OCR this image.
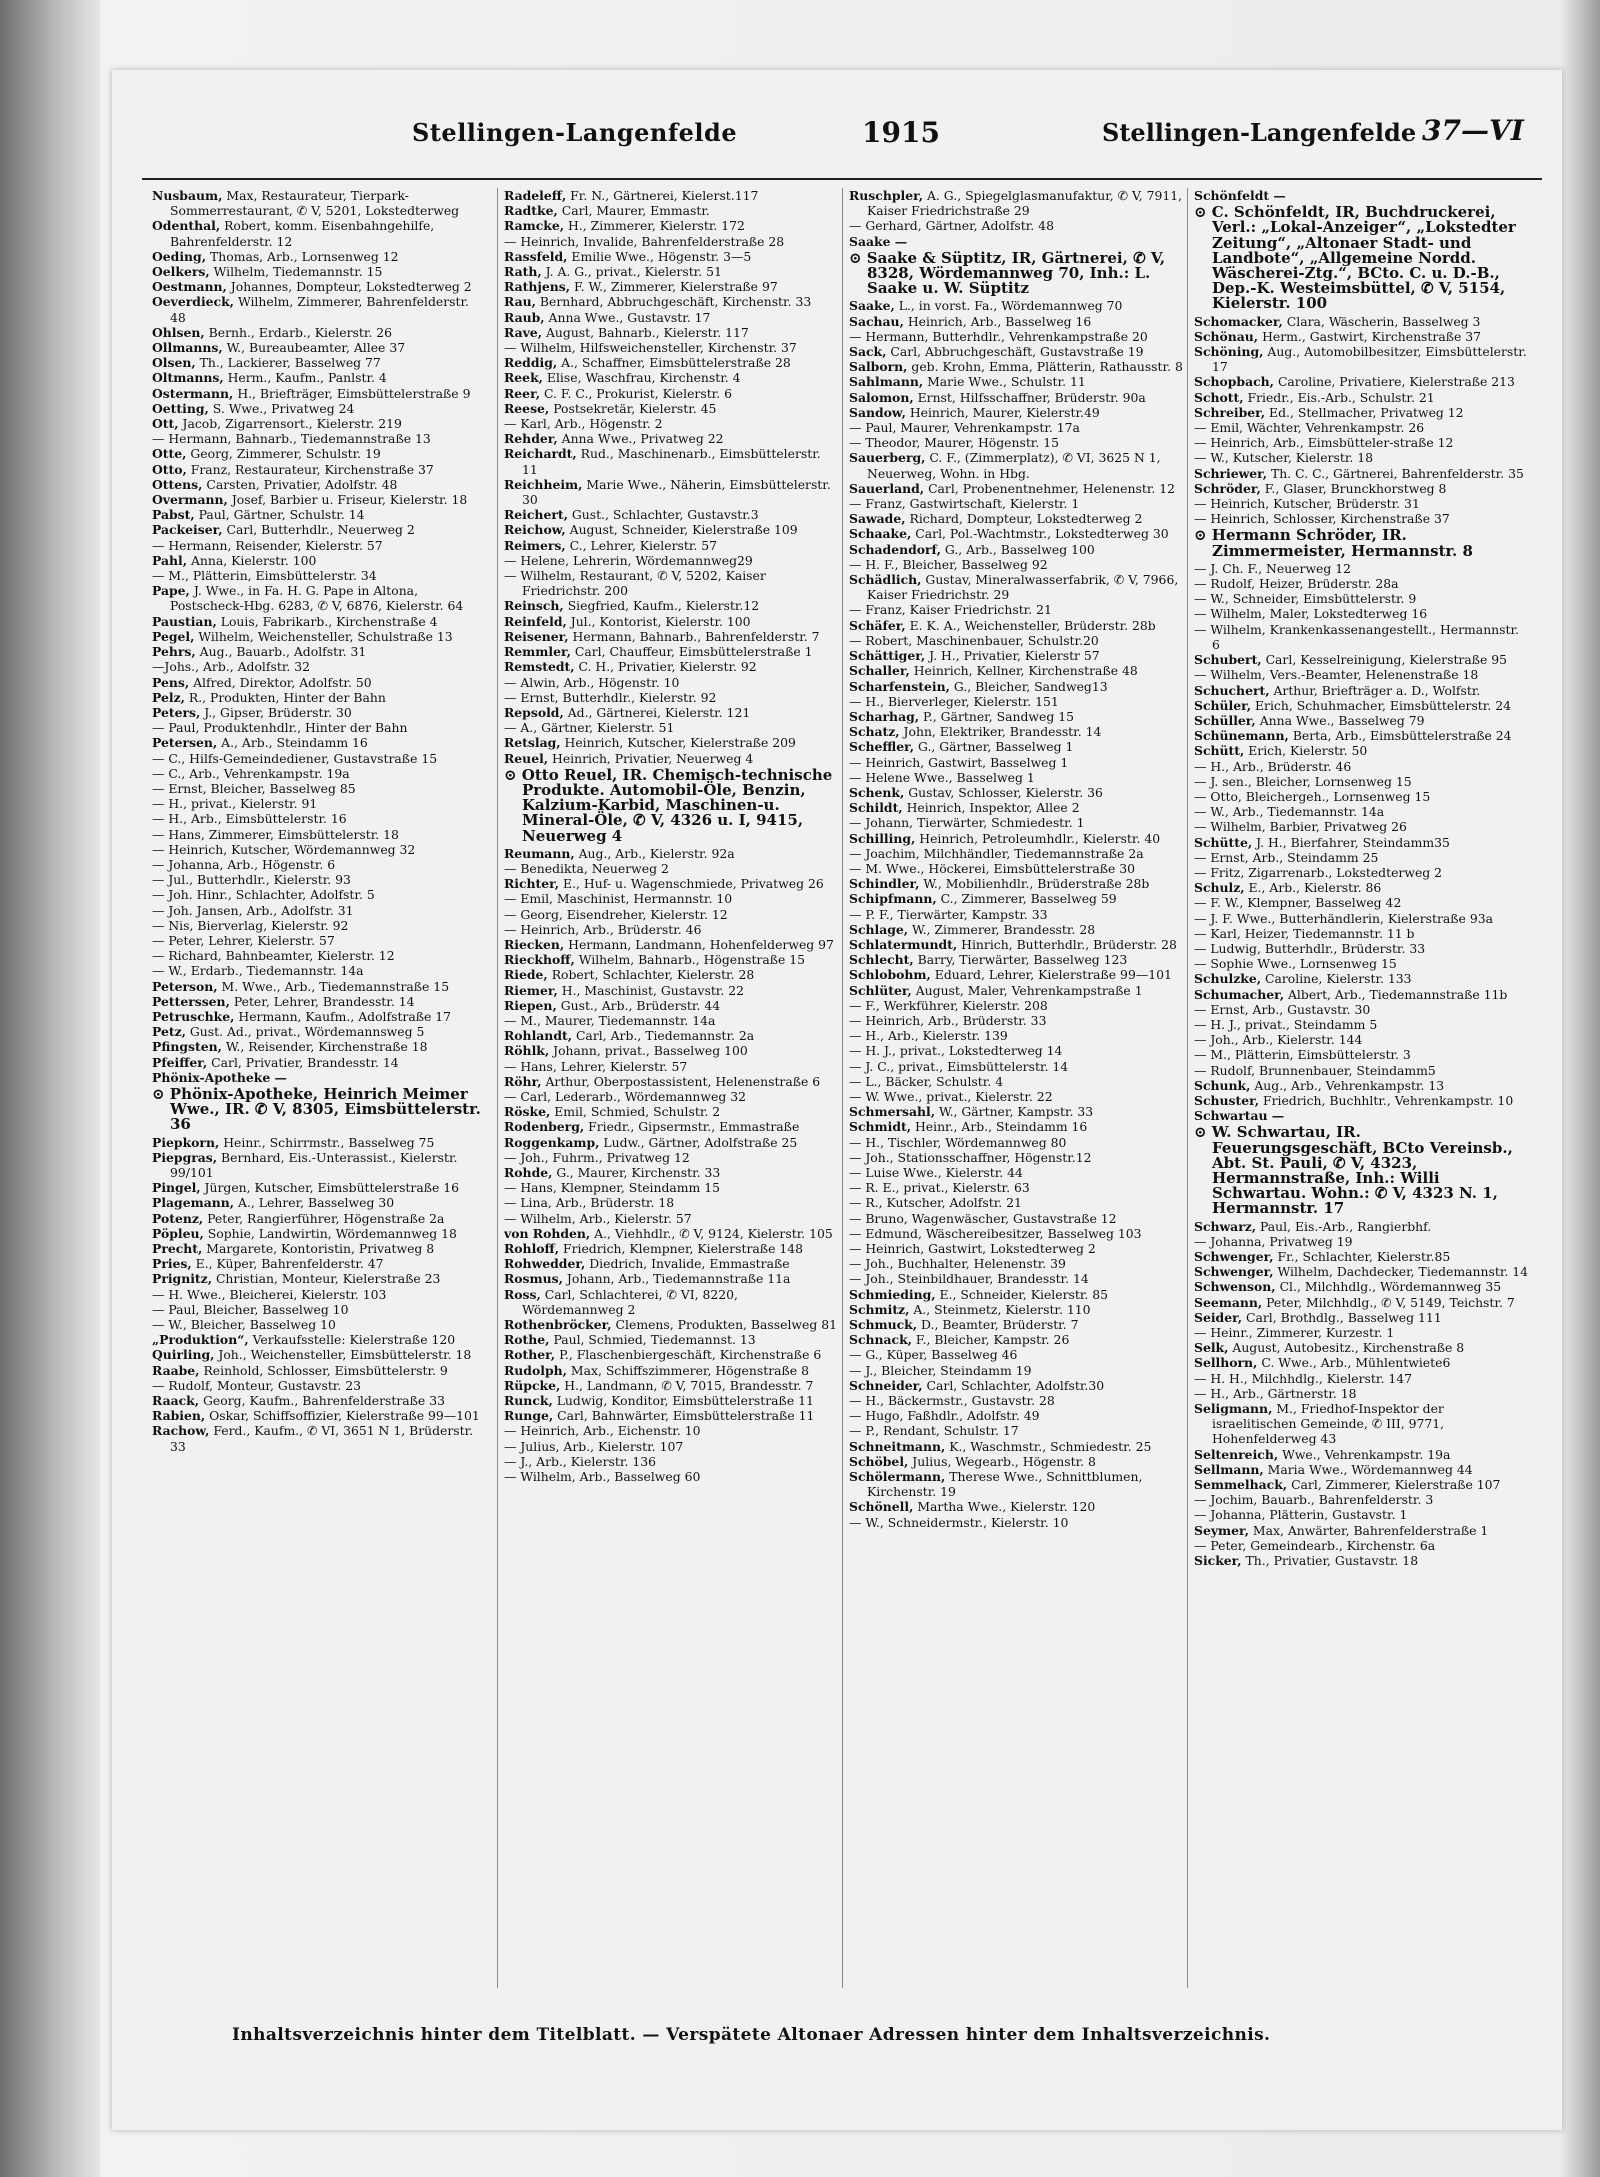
Stellingen-Langenfelde	1915	Stellingen-Langenfelde 37—VI

Nusbaum, Max, Restaurateur, Tierpark-Sommerrestaurant, ✆ V, 5201, Lokstedterweg

Odenthal, Robert, komm. Eisenbahngehilfe, Bahrenfelderstr. 12

Oeding, Thomas, Arb., Lornsenweg 12

Oelkers, Wilhelm, Tiedemannstr. 15

Oestmann, Johannes, Dompteur, Lokstedterweg 2

Oeverdieck, Wilhelm, Zimmerer, Bahrenfelderstr. 48

Ohlsen, Bernh., Erdarb., Kielerstr. 26

Ollmanns, W., Bureaubeamter, Allee 37

Olsen, Th., Lackierer, Basselweg 77

Oltmanns, Herm., Kaufm., Panlstr. 4

Ostermann, H., Briefträger, Eimsbüttelerstraße 9

Oetting, S. Wwe., Privatweg 24

Ott, Jacob, Zigarrensort., Kielerstr. 219

— Hermann, Bahnarb., Tiedemannstraße 13

Otte, Georg, Zimmerer, Schulstr. 19

Otto, Franz, Restaurateur, Kirchenstraße 37

Ottens, Carsten, Privatier, Adolfstr. 48

Overmann, Josef, Barbier u. Friseur, Kielerstr. 18

Pabst, Paul, Gärtner, Schulstr. 14

Packeiser, Carl, Butterhdlr., Neuerweg 2

— Hermann, Reisender, Kielerstr. 57

Pahl, Anna, Kielerstr. 100

— M., Plätterin, Eimsbüttelerstr. 34

Pape, J. Wwe., in Fa. H. G. Pape in Altona, Postscheck-Hbg. 6283, ✆ V, 6876, Kielerstr. 64

Paustian, Louis, Fabrikarb., Kirchenstraße 4

Pegel, Wilhelm, Weichensteller, Schulstraße 13

Pehrs, Aug., Bauarb., Adolfstr. 31

—Johs., Arb., Adolfstr. 32

Pens, Alfred, Direktor, Adolfstr. 50

Pelz, R., Produkten, Hinter der Bahn

Peters, J., Gipser, Brüderstr. 30

— Paul, Produktenhdlr., Hinter der Bahn

Petersen, A., Arb., Steindamm 16

— C., Hilfs-Gemeindediener, Gustavstraße 15

— C., Arb., Vehrenkampstr. 19a

— Ernst, Bleicher, Basselweg 85

— H., privat., Kielerstr. 91

— H., Arb., Eimsbüttelerstr. 16

— Hans, Zimmerer, Eimsbüttelerstr. 18

— Heinrich, Kutscher, Wördemannweg 32

— Johanna, Arb., Högenstr. 6

— Jul., Butterhdlr., Kielerstr. 93

— Joh. Hinr., Schlachter, Adolfstr. 5

— Joh. Jansen, Arb., Adolfstr. 31

— Nis, Bierverlag, Kielerstr. 92

— Peter, Lehrer, Kielerstr. 57

— Richard, Bahnbeamter, Kielerstr. 12

— W., Erdarb., Tiedemannstr. 14a

Peterson, M. Wwe., Arb., Tiedemannstraße 15

Petterssen, Peter, Lehrer, Brandesstr. 14

Petruschke, Hermann, Kaufm., Adolfstraße 17

Petz, Gust. Ad., privat., Wördemannsweg 5

Pfingsten, W., Reisender, Kirchenstraße 18

Pfeiffer, Carl, Privatier, Brandesstr. 14

Phönix-Apotheke —

⊙ Phönix-Apotheke, Heinrich Meimer Wwe., IR. ✆ V, 8305, Eimsbüttelerstr. 36

Piepkorn, Heinr., Schirrmstr., Basselweg 75

Piepgras, Bernhard, Eis.-Unterassist., Kielerstr. 99/101

Pingel, Jürgen, Kutscher, Eimsbüttelerstraße 16

Plagemann, A., Lehrer, Basselweg 30

Potenz, Peter, Rangierführer, Högenstraße 2a

Pöpleu, Sophie, Landwirtin, Wördemannweg 18

Precht, Margarete, Kontoristin, Privatweg 8

Pries, E., Küper, Bahrenfelderstr. 47

Prignitz, Christian, Monteur, Kielerstraße 23

— H. Wwe., Bleicherei, Kielerstr. 103

— Paul, Bleicher, Basselweg 10

— W., Bleicher, Basselweg 10

„Produktion“, Verkaufsstelle: Kielerstraße 120

Quirling, Joh., Weichensteller, Eimsbüttelerstr. 18

Raabe, Reinhold, Schlosser, Eimsbüttelerstr. 9

— Rudolf, Monteur, Gustavstr. 23

Raack, Georg, Kaufm., Bahrenfelderstraße 33

Rabien, Oskar, Schiffsoffizier, Kielerstraße 99—101

Rachow, Ferd., Kaufm., ✆ VI, 3651 N 1, Brüderstr. 33

Radeleff, Fr. N., Gärtnerei, Kielerst.117

Radtke, Carl, Maurer, Emmastr.

Ramcke, H., Zimmerer, Kielerstr. 172

— Heinrich, Invalide, Bahrenfelderstraße 28

Rassfeld, Emilie Wwe., Högenstr. 3—5

Rath, J. A. G., privat., Kielerstr. 51

Rathjens, F. W., Zimmerer, Kielerstraße 97

Rau, Bernhard, Abbruchgeschäft, Kirchenstr. 33

Raub, Anna Wwe., Gustavstr. 17

Rave, August, Bahnarb., Kielerstr. 117

— Wilhelm, Hilfsweichensteller, Kirchenstr. 37

Reddig, A., Schaffner, Eimsbüttelerstraße 28

Reek, Elise, Waschfrau, Kirchenstr. 4

Reer, C. F. C., Prokurist, Kielerstr. 6

Reese, Postsekretär, Kielerstr. 45

— Karl, Arb., Högenstr. 2

Rehder, Anna Wwe., Privatweg 22

Reichardt, Rud., Maschinenarb., Eimsbüttelerstr. 11

Reichheim, Marie Wwe., Näherin, Eimsbüttelerstr. 30

Reichert, Gust., Schlachter, Gustavstr.3

Reichow, August, Schneider, Kielerstraße 109

Reimers, C., Lehrer, Kielerstr. 57

— Helene, Lehrerin, Wördemannweg29

— Wilhelm, Restaurant, ✆ V, 5202, Kaiser Friedrichstr. 200

Reinsch, Siegfried, Kaufm., Kielerstr.12

Reinfeld, Jul., Kontorist, Kielerstr. 100

Reisener, Hermann, Bahnarb., Bahrenfelderstr. 7

Remmler, Carl, Chauffeur, Eimsbüttelerstraße 1

Remstedt, C. H., Privatier, Kielerstr. 92

— Alwin, Arb., Högenstr. 10

— Ernst, Butterhdlr., Kielerstr. 92

Repsold, Ad., Gärtnerei, Kielerstr. 121

— A., Gärtner, Kielerstr. 51

Retslag, Heinrich, Kutscher, Kielerstraße 209

Reuel, Heinrich, Privatier, Neuerweg 4

⊙ Otto Reuel, IR. Chemisch-technische Produkte. Automobil-Öle, Benzin, Kalzium-Karbid, Maschinen-u. Mineral-Öle, ✆ V, 4326 u. I, 9415, Neuerweg 4

Reumann, Aug., Arb., Kielerstr. 92a

— Benedikta, Neuerweg 2

Richter, E., Huf- u. Wagenschmiede, Privatweg 26

— Emil, Maschinist, Hermannstr. 10

— Georg, Eisendreher, Kielerstr. 12

— Heinrich, Arb., Brüderstr. 46

Riecken, Hermann, Landmann, Hohenfelderweg 97

Rieckhoff, Wilhelm, Bahnarb., Högenstraße 15

Riede, Robert, Schlachter, Kielerstr. 28

Riemer, H., Maschinist, Gustavstr. 22

Riepen, Gust., Arb., Brüderstr. 44

— M., Maurer, Tiedemannstr. 14a

Rohlandt, Carl, Arb., Tiedemannstr. 2a

Röhlk, Johann, privat., Basselweg 100

— Hans, Lehrer, Kielerstr. 57

Röhr, Arthur, Oberpostassistent, Helenenstraße 6

— Carl, Lederarb., Wördemannweg 32

Röske, Emil, Schmied, Schulstr. 2

Rodenberg, Friedr., Gipsermstr., Emmastraße

Roggenkamp, Ludw., Gärtner, Adolfstraße 25

— Joh., Fuhrm., Privatweg 12

Rohde, G., Maurer, Kirchenstr. 33

— Hans, Klempner, Steindamm 15

— Lina, Arb., Brüderstr. 18

— Wilhelm, Arb., Kielerstr. 57

von Rohden, A., Viehhdlr., ✆ V, 9124, Kielerstr. 105

Rohloff, Friedrich, Klempner, Kielerstraße 148

Rohwedder, Diedrich, Invalide, Emmastraße

Rosmus, Johann, Arb., Tiedemannstraße 11a

Ross, Carl, Schlachterei, ✆ VI, 8220, Wördemannweg 2

Rothenbröcker, Clemens, Produkten, Basselweg 81

Rothe, Paul, Schmied, Tiedemannst. 13

Rother, P., Flaschenbiergeschäft, Kirchenstraße 6

Rudolph, Max, Schiffszimmerer, Högenstraße 8

Rüpcke, H., Landmann, ✆ V, 7015, Brandesstr. 7

Runck, Ludwig, Konditor, Eimsbüttelerstraße 11

Runge, Carl, Bahnwärter, Eimsbüttelerstraße 11

— Heinrich, Arb., Eichenstr. 10

— Julius, Arb., Kielerstr. 107

— J., Arb., Kielerstr. 136

— Wilhelm, Arb., Basselweg 60

Ruschpler, A. G., Spiegelglasmanufaktur, ✆ V, 7911, Kaiser Friedrichstraße 29

— Gerhard, Gärtner, Adolfstr. 48

Saake —

⊙ Saake & Süptitz, IR, Gärtnerei, ✆ V, 8328, Wördemannweg 70, Inh.: L. Saake u. W. Süptitz

Saake, L., in vorst. Fa., Wördemannweg 70

Sachau, Heinrich, Arb., Basselweg 16

— Hermann, Butterhdlr., Vehrenkampstraße 20

Sack, Carl, Abbruchgeschäft, Gustavstraße 19

Salborn, geb. Krohn, Emma, Plätterin, Rathausstr. 8

Sahlmann, Marie Wwe., Schulstr. 11

Salomon, Ernst, Hilfsschaffner, Brüderstr. 90a

Sandow, Heinrich, Maurer, Kielerstr.49

— Paul, Maurer, Vehrenkampstr. 17a

— Theodor, Maurer, Högenstr. 15

Sauerberg, C. F., (Zimmerplatz), ✆ VI, 3625 N 1, Neuerweg, Wohn. in Hbg.

Sauerland, Carl, Probenentnehmer, Helenenstr. 12

— Franz, Gastwirtschaft, Kielerstr. 1

Sawade, Richard, Dompteur, Lokstedterweg 2

Schaake, Carl, Pol.-Wachtmstr., Lokstedterweg 30

Schadendorf, G., Arb., Basselweg 100

— H. F., Bleicher, Basselweg 92

Schädlich, Gustav, Mineralwasserfabrik, ✆ V, 7966, Kaiser Friedrichstr. 29

— Franz, Kaiser Friedrichstr. 21

Schäfer, E. K. A., Weichensteller, Brüderstr. 28b

— Robert, Maschinenbauer, Schulstr.20

Schättiger, J. H., Privatier, Kielerstr 57

Schaller, Heinrich, Kellner, Kirchenstraße 48

Scharfenstein, G., Bleicher, Sandweg13

— H., Bierverleger, Kielerstr. 151

Scharhag, P., Gärtner, Sandweg 15

Schatz, John, Elektriker, Brandesstr. 14

Scheffler, G., Gärtner, Basselweg 1

— Heinrich, Gastwirt, Basselweg 1

— Helene Wwe., Basselweg 1

Schenk, Gustav, Schlosser, Kielerstr. 36

Schildt, Heinrich, Inspektor, Allee 2

— Johann, Tierwärter, Schmiedestr. 1

Schilling, Heinrich, Petroleumhdlr., Kielerstr. 40

— Joachim, Milchhändler, Tiedemannstraße 2a

— M. Wwe., Höckerei, Eimsbüttelerstraße 30

Schindler, W., Mobilienhdlr., Brüderstraße 28b

Schipfmann, C., Zimmerer, Basselweg 59

— P. F., Tierwärter, Kampstr. 33

Schlage, W., Zimmerer, Brandesstr. 28

Schlatermundt, Hinrich, Butterhdlr., Brüderstr. 28

Schlecht, Barry, Tierwärter, Basselweg 123

Schlobohm, Eduard, Lehrer, Kielerstraße 99—101

Schlüter, August, Maler, Vehrenkampstraße 1

— F., Werkführer, Kielerstr. 208

— Heinrich, Arb., Brüderstr. 33

— H., Arb., Kielerstr. 139

— H. J., privat., Lokstedterweg 14

— J. C., privat., Eimsbüttelerstr. 14

— L., Bäcker, Schulstr. 4

— W. Wwe., privat., Kielerstr. 22

Schmersahl, W., Gärtner, Kampstr. 33

Schmidt, Heinr., Arb., Steindamm 16

— H., Tischler, Wördemannweg 80

— Joh., Stationsschaffner, Högenstr.12

— Luise Wwe., Kielerstr. 44

— R. E., privat., Kielerstr. 63

— R., Kutscher, Adolfstr. 21

— Bruno, Wagenwäscher, Gustavstraße 12

— Edmund, Wäschereibesitzer, Basselweg 103

— Heinrich, Gastwirt, Lokstedterweg 2

— Joh., Buchhalter, Helenenstr. 39

— Joh., Steinbildhauer, Brandesstr. 14

Schmieding, E., Schneider, Kielerstr. 85

Schmitz, A., Steinmetz, Kielerstr. 110

Schmuck, D., Beamter, Brüderstr. 7

Schnack, F., Bleicher, Kampstr. 26

— G., Küper, Basselweg 46

— J., Bleicher, Steindamm 19

Schneider, Carl, Schlachter, Adolfstr.30

— H., Bäckermstr., Gustavstr. 28

— Hugo, Faßhdlr., Adolfstr. 49

— P., Rendant, Schulstr. 17

Schneitmann, K., Waschmstr., Schmiedestr. 25

Schöbel, Julius, Wegearb., Högenstr. 8

Schölermann, Therese Wwe., Schnittblumen, Kirchenstr. 19

Schönell, Martha Wwe., Kielerstr. 120

— W., Schneidermstr., Kielerstr. 10

Schönfeldt —

⊙ C. Schönfeldt, IR, Buchdruckerei, Verl.: „Lokal-Anzeiger“, „Lokstedter Zeitung“, „Altonaer Stadt- und Landbote“, „Allgemeine Nordd. Wäscherei-Ztg.“, BCto. C. u. D.-B., Dep.-K. Westeimsbüttel, ✆ V, 5154, Kielerstr. 100

Schomacker, Clara, Wäscherin, Basselweg 3

Schönau, Herm., Gastwirt, Kirchenstraße 37

Schöning, Aug., Automobilbesitzer, Eimsbüttelerstr. 17

Schopbach, Caroline, Privatiere, Kielerstraße 213

Schott, Friedr., Eis.-Arb., Schulstr. 21

Schreiber, Ed., Stellmacher, Privatweg 12

— Emil, Wächter, Vehrenkampstr. 26

— Heinrich, Arb., Eimsbütteler-straße 12

— W., Kutscher, Kielerstr. 18

Schriewer, Th. C. C., Gärtnerei, Bahrenfelderstr. 35

Schröder, F., Glaser, Brunckhorstweg 8

— Heinrich, Kutscher, Brüderstr. 31

— Heinrich, Schlosser, Kirchenstraße 37

⊙ Hermann Schröder, IR. Zimmermeister, Hermannstr. 8

— J. Ch. F., Neuerweg 12

— Rudolf, Heizer, Brüderstr. 28a

— W., Schneider, Eimsbüttelerstr. 9

— Wilhelm, Maler, Lokstedterweg 16

— Wilhelm, Krankenkassenangestellt., Hermannstr. 6

Schubert, Carl, Kesselreinigung, Kielerstraße 95

— Wilhelm, Vers.-Beamter, Helenenstraße 18

Schuchert, Arthur, Briefträger a. D., Wolfstr.

Schüler, Erich, Schuhmacher, Eimsbüttelerstr. 24

Schüller, Anna Wwe., Basselweg 79

Schünemann, Berta, Arb., Eimsbüttelerstraße 24

Schütt, Erich, Kielerstr. 50

— H., Arb., Brüderstr. 46

— J. sen., Bleicher, Lornsenweg 15

— Otto, Bleichergeh., Lornsenweg 15

— W., Arb., Tiedemannstr. 14a

— Wilhelm, Barbier, Privatweg 26

Schütte, J. H., Bierfahrer, Steindamm35

— Ernst, Arb., Steindamm 25

— Fritz, Zigarrenarb., Lokstedterweg 2

Schulz, E., Arb., Kielerstr. 86

— F. W., Klempner, Basselweg 42

— J. F. Wwe., Butterhändlerin, Kielerstraße 93a

— Karl, Heizer, Tiedemannstr. 11 b

— Ludwig, Butterhdlr., Brüderstr. 33

— Sophie Wwe., Lornsenweg 15

Schulzke, Caroline, Kielerstr. 133

Schumacher, Albert, Arb., Tiedemannstraße 11b

— Ernst, Arb., Gustavstr. 30

— H. J., privat., Steindamm 5

— Joh., Arb., Kielerstr. 144

— M., Plätterin, Eimsbüttelerstr. 3

— Rudolf, Brunnenbauer, Steindamm5

Schunk, Aug., Arb., Vehrenkampstr. 13

Schuster, Friedrich, Buchhltr., Vehrenkampstr. 10

Schwartau —

⊙ W. Schwartau, IR. Feuerungsgeschäft, BCto Vereinsb., Abt. St. Pauli, ✆ V, 4323, Hermannstraße, Inh.: Willi Schwartau. Wohn.: ✆ V, 4323 N. 1, Hermannstr. 17

Schwarz, Paul, Eis.-Arb., Rangierbhf.

— Johanna, Privatweg 19

Schwenger, Fr., Schlachter, Kielerstr.85

Schwenger, Wilhelm, Dachdecker, Tiedemannstr. 14

Schwenson, Cl., Milchhdlg., Wördemannweg 35

Seemann, Peter, Milchhdlg., ✆ V, 5149, Teichstr. 7

Seider, Carl, Brothdlg., Basselweg 111

— Heinr., Zimmerer, Kurzestr. 1

Selk, August, Autobesitz., Kirchenstraße 8

Sellhorn, C. Wwe., Arb., Mühlentwiete6

— H. H., Milchhdlg., Kielerstr. 147

— H., Arb., Gärtnerstr. 18

Seligmann, M., Friedhof-Inspektor der israelitischen Gemeinde, ✆ III, 9771, Hohenfelderweg 43

Seltenreich, Wwe., Vehrenkampstr. 19a

Sellmann, Maria Wwe., Wördemannweg 44

Semmelhack, Carl, Zimmerer, Kielerstraße 107

— Jochim, Bauarb., Bahrenfelderstr. 3

— Johanna, Plätterin, Gustavstr. 1

Seymer, Max, Anwärter, Bahrenfelderstraße 1

— Peter, Gemeindearb., Kirchenstr. 6a

Sicker, Th., Privatier, Gustavstr. 18

Inhaltsverzeichnis hinter dem Titelblatt. — Verspätete Altonaer Adressen hinter dem Inhaltsverzeichnis.
